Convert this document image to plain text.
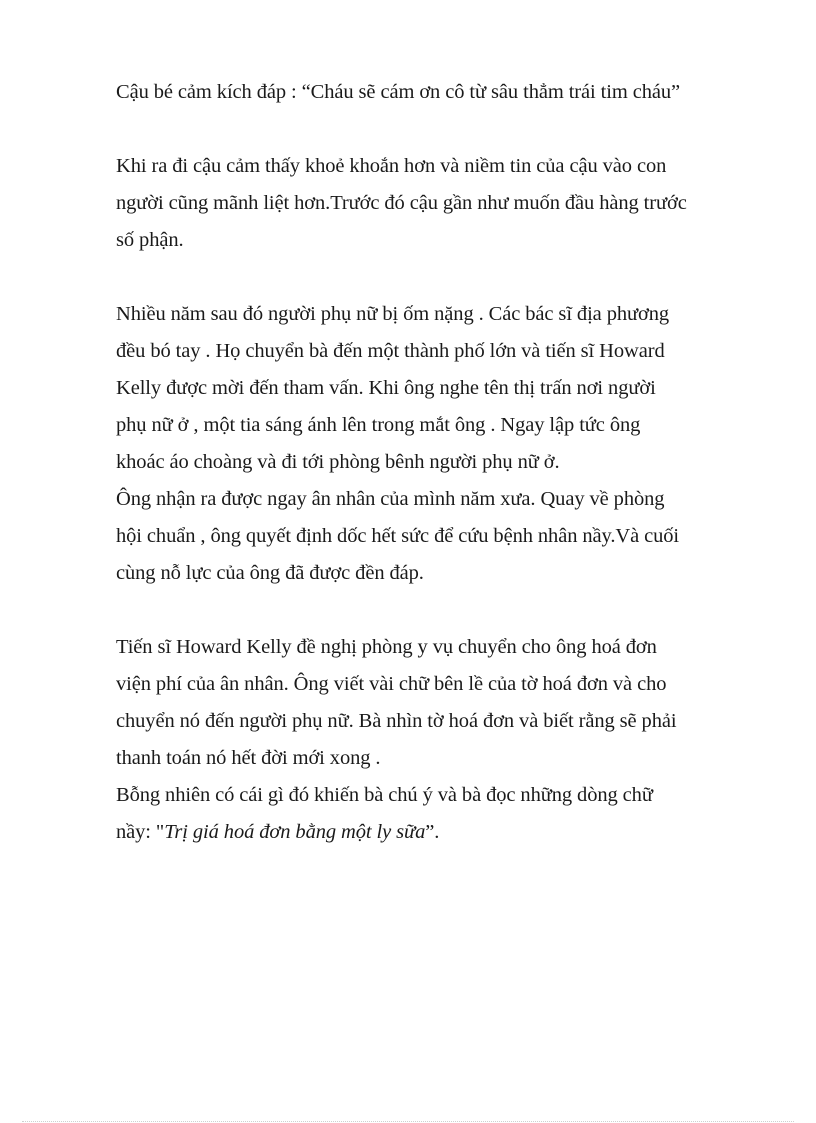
Cậu bé cảm kích đáp : “Cháu sẽ cám ơn cô từ sâu thẳm trái tim cháu”

Khi ra đi cậu cảm thấy khoẻ khoắn hơn và niềm tin của cậu vào con
người cũng mãnh liệt hơn.Trước đó cậu gần như muốn đầu hàng trước
số phận.

Nhiều năm sau đó người phụ nữ bị ốm nặng . Các bác sĩ địa phương
đều bó tay . Họ chuyển bà đến một thành phố lớn và tiến sĩ Howard
Kelly được mời đến tham vấn. Khi ông nghe tên thị trấn nơi người
phụ nữ ở , một tia sáng ánh lên trong mắt ông . Ngay lập tức ông
khoác áo choàng và đi tới phòng bênh người phụ nữ ở.
Ông nhận ra được ngay ân nhân của mình năm xưa. Quay về phòng
hội chuẩn , ông quyết định dốc hết sức để cứu bệnh nhân nầy.Và cuối
cùng nỗ lực của ông đã được đền đáp.

Tiến sĩ Howard Kelly đề nghị phòng y vụ chuyển cho ông hoá đơn
viện phí của ân nhân. Ông viết vài chữ bên lề của tờ hoá đơn và cho
chuyển nó đến người phụ nữ. Bà nhìn tờ hoá đơn và biết rằng sẽ phải
thanh toán nó hết đời mới xong .
Bỗng nhiên có cái gì đó khiến bà chú ý và bà đọc những dòng chữ
nầy: "Trị giá hoá đơn bằng một ly sữa”.
